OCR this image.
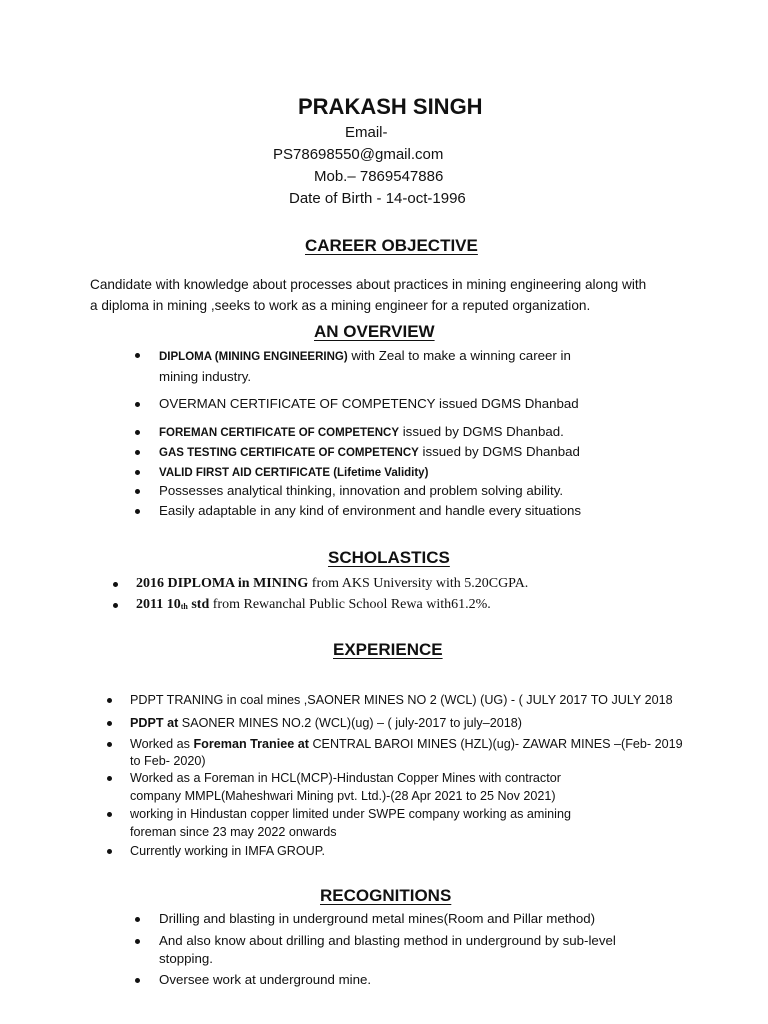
PRAKASH SINGH
Email-
PS78698550@gmail.com
Mob.– 7869547886
Date of Birth - 14-oct-1996
CAREER OBJECTIVE
Candidate with knowledge about processes about practices in mining engineering along with
a diploma in mining ,seeks to work as a mining engineer for a reputed organization.
AN OVERVIEW
DIPLOMA (MINING ENGINEERING) with Zeal to make a winning career in
mining industry.
OVERMAN CERTIFICATE OF COMPETENCY issued DGMS Dhanbad
FOREMAN CERTIFICATE OF COMPETENCY issued by DGMS Dhanbad.
GAS TESTING CERTIFICATE OF COMPETENCY issued by DGMS Dhanbad
VALID FIRST AID CERTIFICATE (Lifetime Validity)
Possesses analytical thinking, innovation and problem solving ability.
Easily adaptable in any kind of environment and handle every situations
SCHOLASTICS
2016 DIPLOMA in MINING from AKS University with 5.20CGPA.
2011 10th std from Rewanchal Public School Rewa with61.2%.
EXPERIENCE
PDPT TRANING in coal mines ,SAONER MINES NO 2 (WCL) (UG) - ( JULY 2017 TO JULY 2018
PDPT at SAONER MINES NO.2 (WCL)(ug) – ( july-2017 to july–2018)
Worked as Foreman Traniee at CENTRAL BAROI MINES (HZL)(ug)- ZAWAR MINES –(Feb- 2019
to Feb- 2020)
Worked as a Foreman in HCL(MCP)-Hindustan Copper Mines with contractor
company MMPL(Maheshwari Mining pvt. Ltd.)-(28 Apr 2021 to 25 Nov 2021)
working in Hindustan copper limited under SWPE company working as amining
foreman since 23 may 2022 onwards
Currently working in IMFA GROUP.
RECOGNITIONS
Drilling and blasting in underground metal mines(Room and Pillar method)
And also know about drilling and blasting method in underground by sub-level
stopping.
Oversee work at underground mine.
